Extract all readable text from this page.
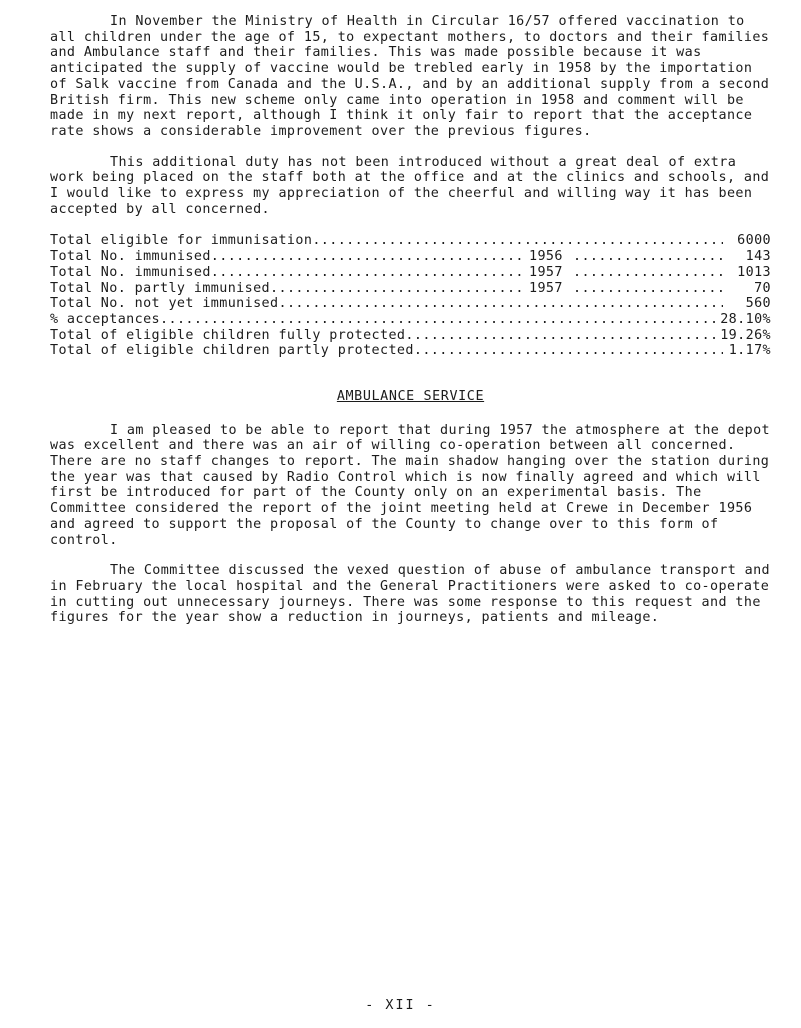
In November the Ministry of Health in Circular 16/57 offered vaccination to all children under the age of 15, to expectant mothers, to doctors and their families and Ambulance staff and their families. This was made possible because it was anticipated the supply of vaccine would be trebled early in 1958 by the importation of Salk vaccine from Canada and the U.S.A., and by an additional supply from a second British firm. This new scheme only came into operation in 1958 and comment will be made in my next report, although I think it only fair to report that the acceptance rate shows a considerable improvement over the previous figures.

This additional duty has not been introduced without a great deal of extra work being placed on the staff both at the office and at the clinics and schools, and I would like to express my appreciation of the cheerful and willing way it has been accepted by all concerned.

Total eligible for immunisation .....	6000
Total No. immunised .....	1956 .....	143
Total No. immunised .....	1957 .....	1013
Total No. partly immunised .....	1957 .....	70
Total No. not yet immunised .....	560
% acceptances .....	28.10%
Total of eligible children fully protected .....	19.26%
Total of eligible children partly protected .....	1.17%
AMBULANCE SERVICE

I am pleased to be able to report that during 1957 the atmosphere at the depot was excellent and there was an air of willing co-operation between all concerned. There are no staff changes to report. The main shadow hanging over the station during the year was that caused by Radio Control which is now finally agreed and which will first be introduced for part of the County only on an experimental basis. The Committee considered the report of the joint meeting held at Crewe in December 1956 and agreed to support the proposal of the County to change over to this form of control.

The Committee discussed the vexed question of abuse of ambulance transport and in February the local hospital and the General Practitioners were asked to co-operate in cutting out unnecessary journeys. There was some response to this request and the figures for the year show a reduction in journeys, patients and mileage.

- XII -
